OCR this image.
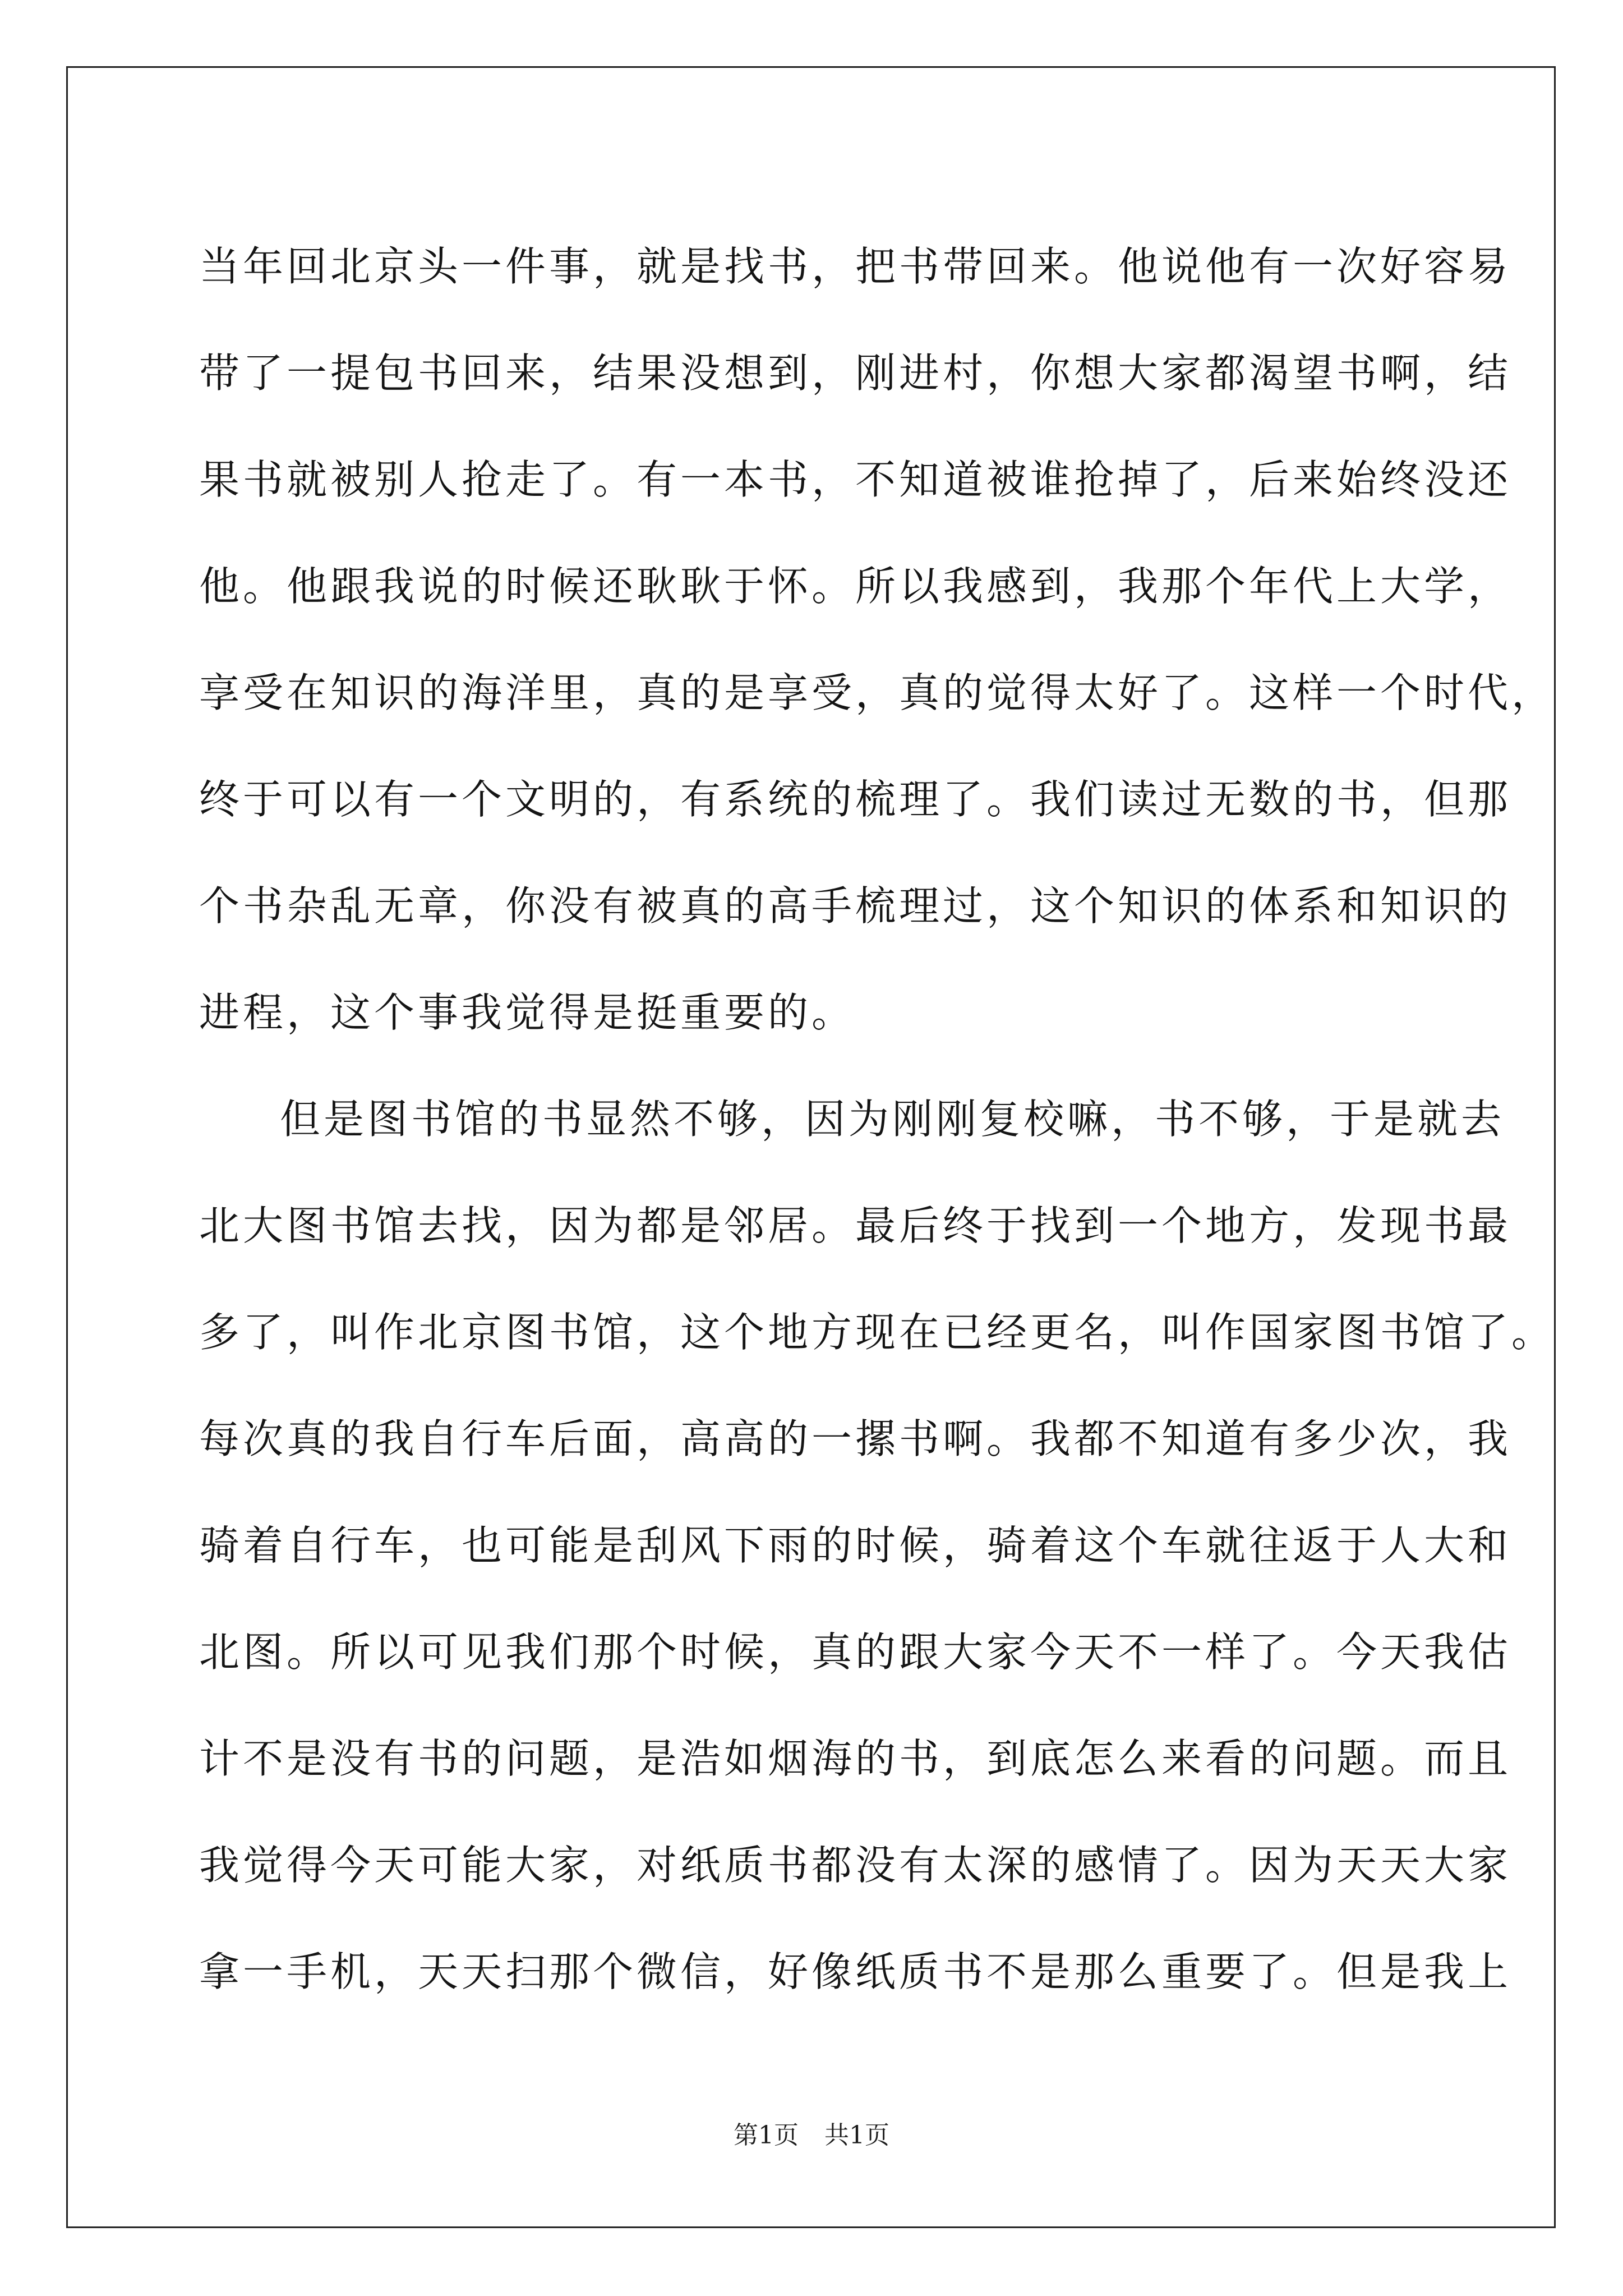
当年回北京头一件事，就是找书，把书带回来。他说他有一次好容易
带了一提包书回来，结果没想到，刚进村，你想大家都渴望书啊，结
果书就被别人抢走了。有一本书，不知道被谁抢掉了，后来始终没还
他。他跟我说的时候还耿耿于怀。所以我感到，我那个年代上大学，
享受在知识的海洋里，真的是享受，真的觉得太好了。这样一个时代，
终于可以有一个文明的，有系统的梳理了。我们读过无数的书，但那
个书杂乱无章，你没有被真的高手梳理过，这个知识的体系和知识的
进程，这个事我觉得是挺重要的。
但是图书馆的书显然不够，因为刚刚复校嘛，书不够，于是就去
北大图书馆去找，因为都是邻居。最后终于找到一个地方，发现书最
多了，叫作北京图书馆，这个地方现在已经更名，叫作国家图书馆了。
每次真的我自行车后面，高高的一摞书啊。我都不知道有多少次，我
骑着自行车，也可能是刮风下雨的时候，骑着这个车就往返于人大和
北图。所以可见我们那个时候，真的跟大家今天不一样了。今天我估
计不是没有书的问题，是浩如烟海的书，到底怎么来看的问题。而且
我觉得今天可能大家，对纸质书都没有太深的感情了。因为天天大家
拿一手机，天天扫那个微信，好像纸质书不是那么重要了。但是我上
第1页 共1页
